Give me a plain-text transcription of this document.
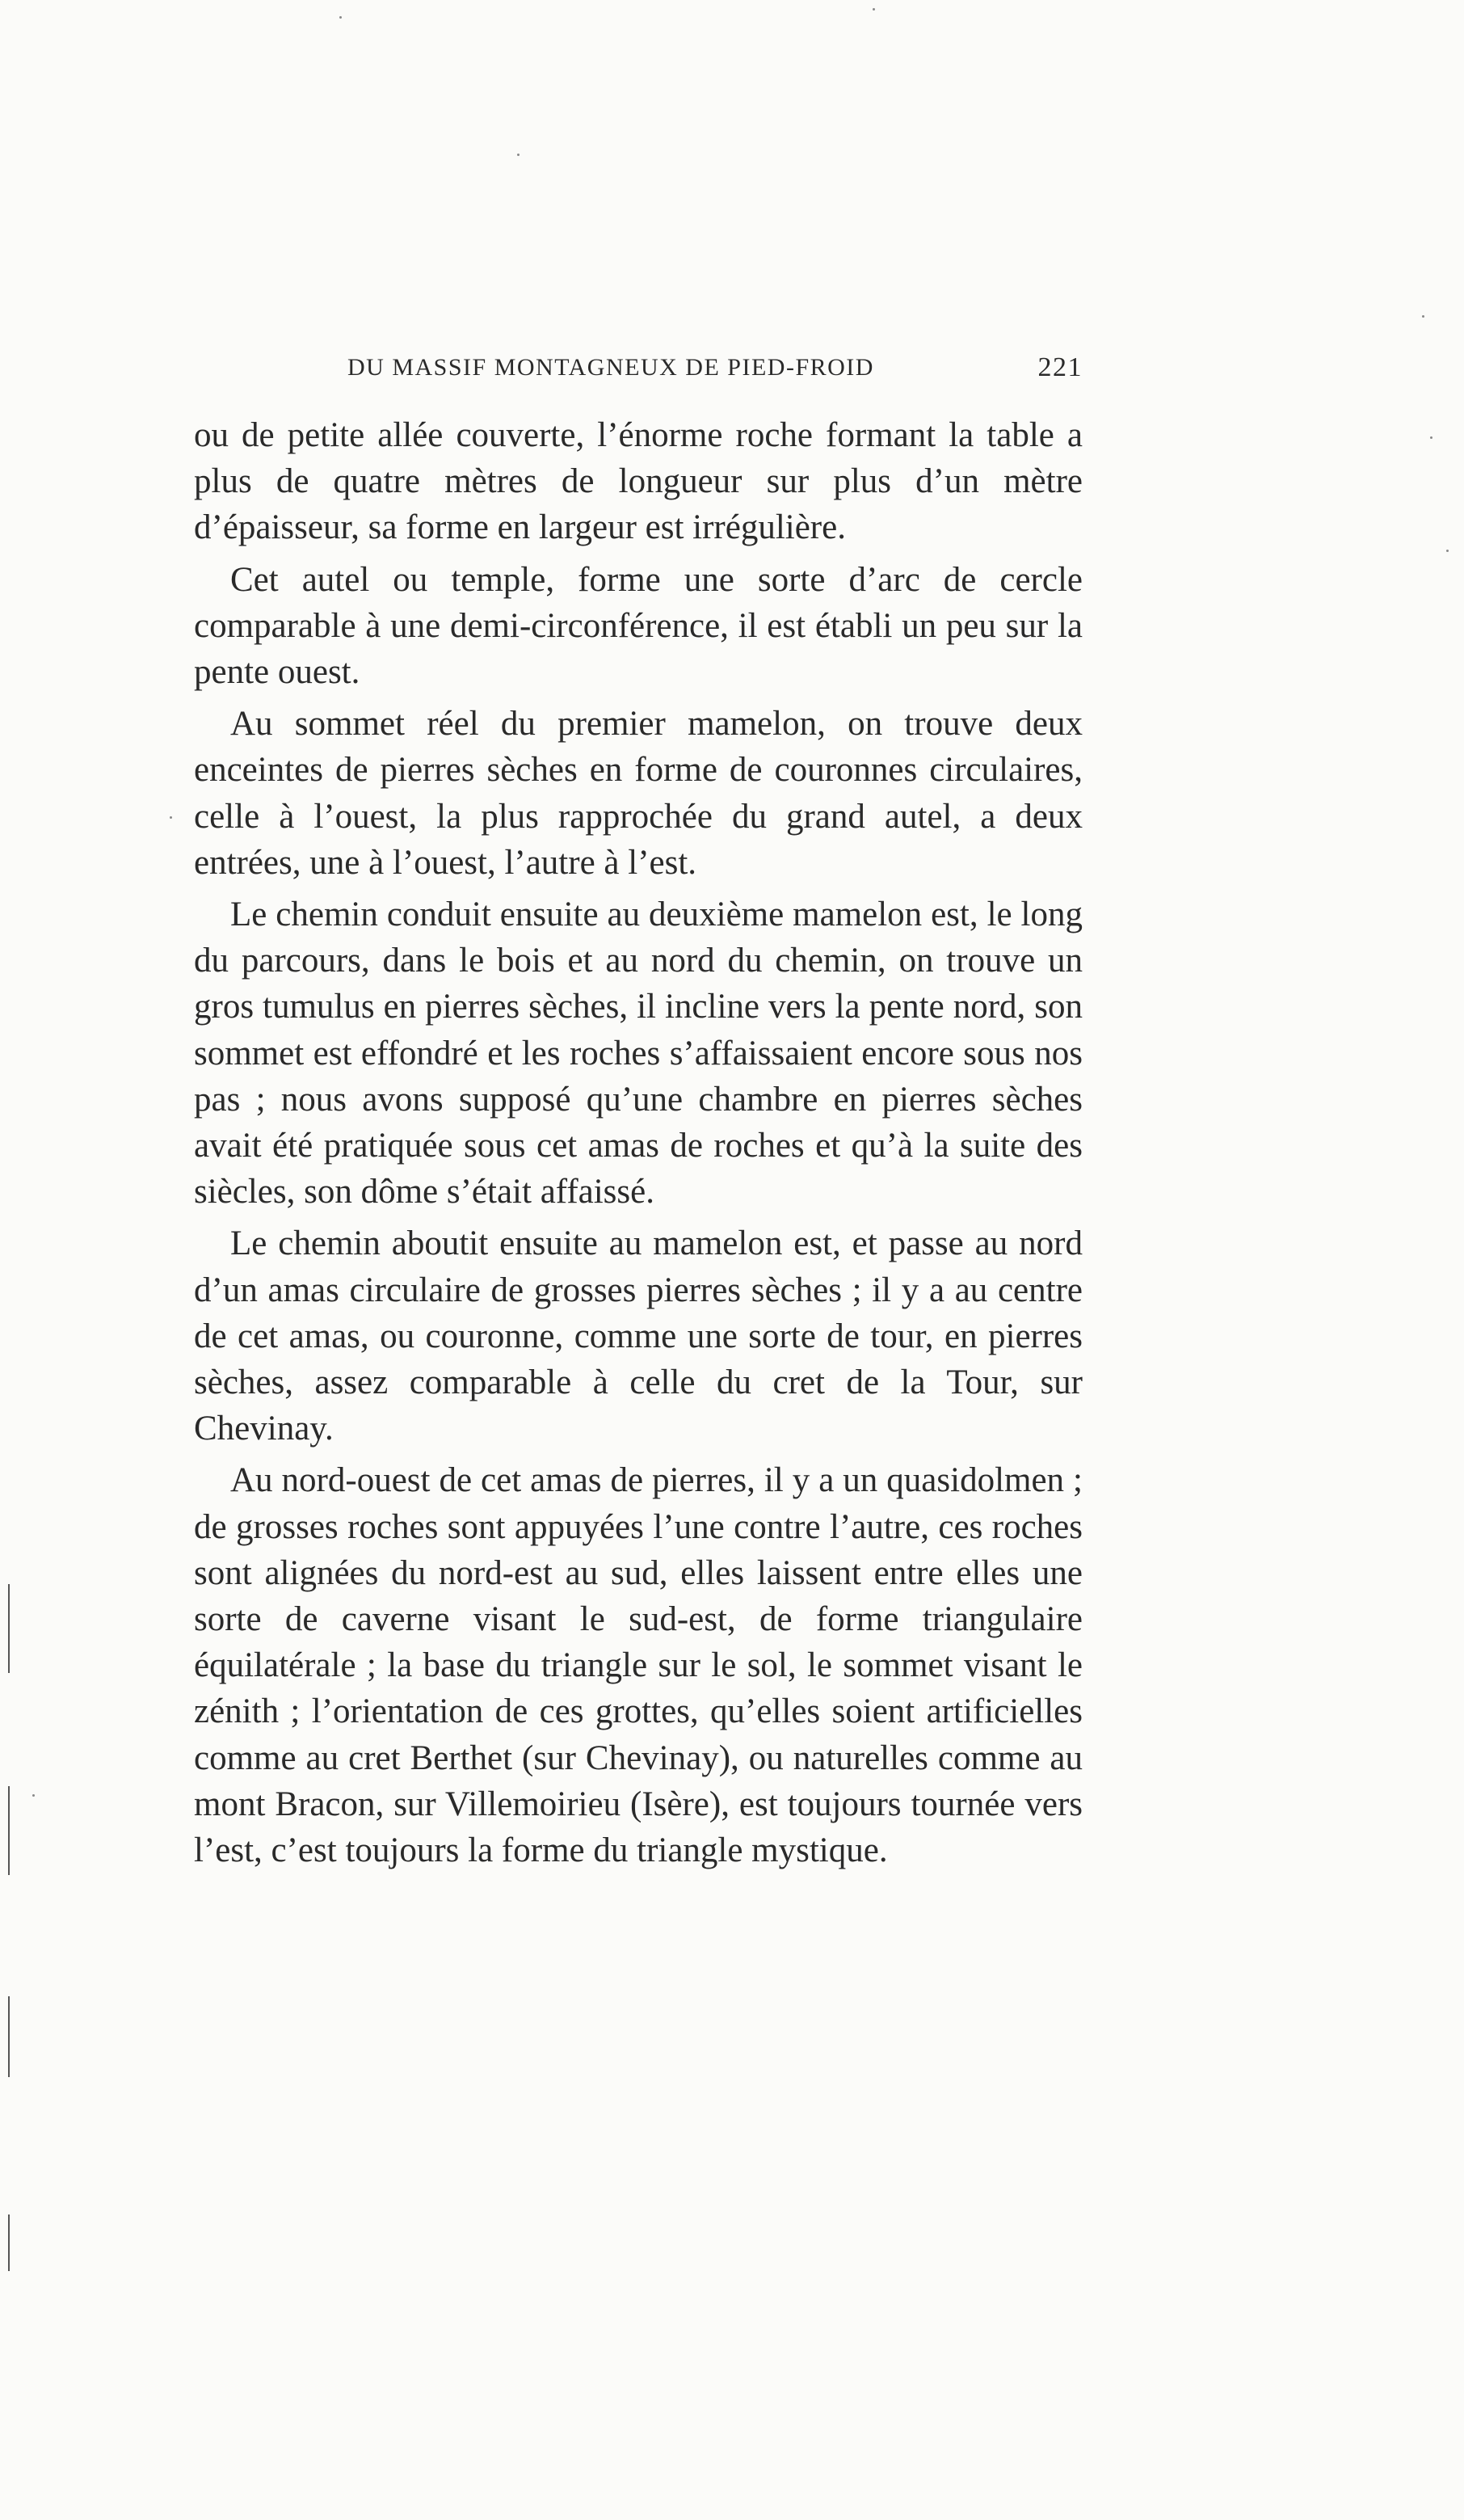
DU MASSIF MONTAGNEUX DE PIED-FROID	221

ou de petite allée couverte, l’énorme roche formant la table a plus de quatre mètres de longueur sur plus d’un mètre d’épaisseur, sa forme en largeur est irrégulière.

Cet autel ou temple, forme une sorte d’arc de cercle comparable à une demi-circonférence, il est établi un peu sur la pente ouest.

Au sommet réel du premier mamelon, on trouve deux enceintes de pierres sèches en forme de couronnes circulaires, celle à l’ouest, la plus rapprochée du grand autel, a deux entrées, une à l’ouest, l’autre à l’est.

Le chemin conduit ensuite au deuxième mamelon est, le long du parcours, dans le bois et au nord du chemin, on trouve un gros tumulus en pierres sèches, il incline vers la pente nord, son sommet est effondré et les roches s’affaissaient encore sous nos pas ; nous avons supposé qu’une chambre en pierres sèches avait été pratiquée sous cet amas de roches et qu’à la suite des siècles, son dôme s’était affaissé.

Le chemin aboutit ensuite au mamelon est, et passe au nord d’un amas circulaire de grosses pierres sèches ; il y a au centre de cet amas, ou couronne, comme une sorte de tour, en pierres sèches, assez comparable à celle du cret de la Tour, sur Chevinay.

Au nord-ouest de cet amas de pierres, il y a un quasidolmen ; de grosses roches sont appuyées l’une contre l’autre, ces roches sont alignées du nord-est au sud, elles laissent entre elles une sorte de caverne visant le sud-est, de forme triangulaire équilatérale ; la base du triangle sur le sol, le sommet visant le zénith ; l’orientation de ces grottes, qu’elles soient artificielles comme au cret Berthet (sur Chevinay), ou naturelles comme au mont Bracon, sur Villemoirieu (Isère), est toujours tournée vers l’est, c’est toujours la forme du triangle mystique.
